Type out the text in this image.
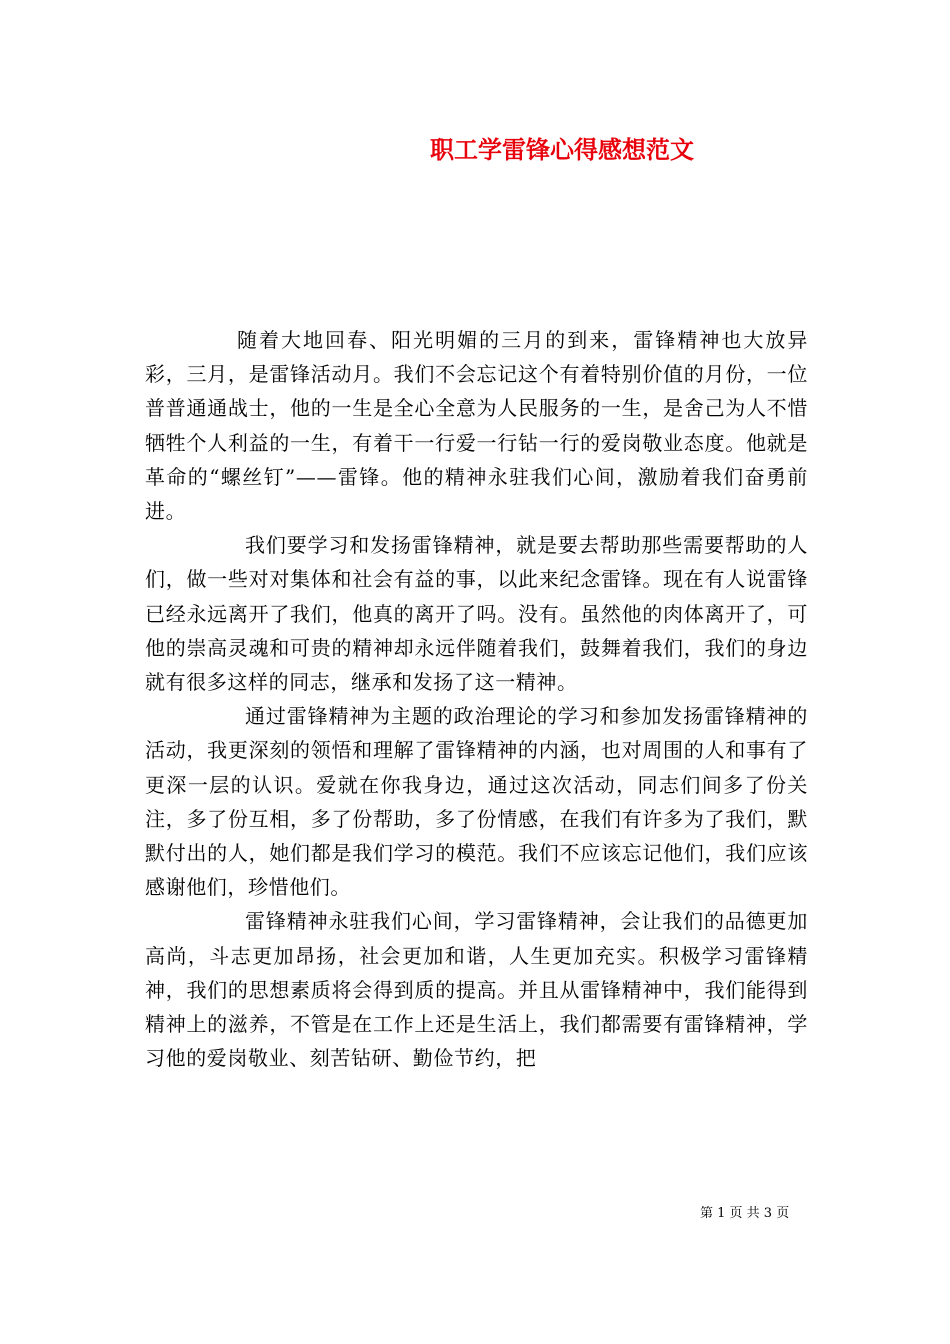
职工学雷锋心得感想范文

随着大地回春、阳光明媚的三月的到来，雷锋精神也大放异彩，三月，是雷锋活动月。我们不会忘记这个有着特别价值的月份，一位普普通通战士，他的一生是全心全意为人民服务的一生，是舍己为人不惜牺牲个人利益的一生，有着干一行爱一行钻一行的爱岗敬业态度。他就是革命的“螺丝钉”——雷锋。他的精神永驻我们心间，激励着我们奋勇前进。

我们要学习和发扬雷锋精神，就是要去帮助那些需要帮助的人们，做一些对对集体和社会有益的事，以此来纪念雷锋。现在有人说雷锋已经永远离开了我们，他真的离开了吗。没有。虽然他的肉体离开了，可他的崇高灵魂和可贵的精神却永远伴随着我们，鼓舞着我们，我们的身边就有很多这样的同志，继承和发扬了这一精神。

通过雷锋精神为主题的政治理论的学习和参加发扬雷锋精神的活动，我更深刻的领悟和理解了雷锋精神的内涵，也对周围的人和事有了更深一层的认识。爱就在你我身边，通过这次活动，同志们间多了份关注，多了份互相，多了份帮助，多了份情感，在我们有许多为了我们，默默付出的人，她们都是我们学习的模范。我们不应该忘记他们，我们应该感谢他们，珍惜他们。

雷锋精神永驻我们心间，学习雷锋精神，会让我们的品德更加高尚，斗志更加昂扬，社会更加和谐，人生更加充实。积极学习雷锋精神，我们的思想素质将会得到质的提高。并且从雷锋精神中，我们能得到精神上的滋养，不管是在工作上还是生活上，我们都需要有雷锋精神，学习他的爱岗敬业、刻苦钻研、勤俭节约，把

第 1 页 共 3 页
